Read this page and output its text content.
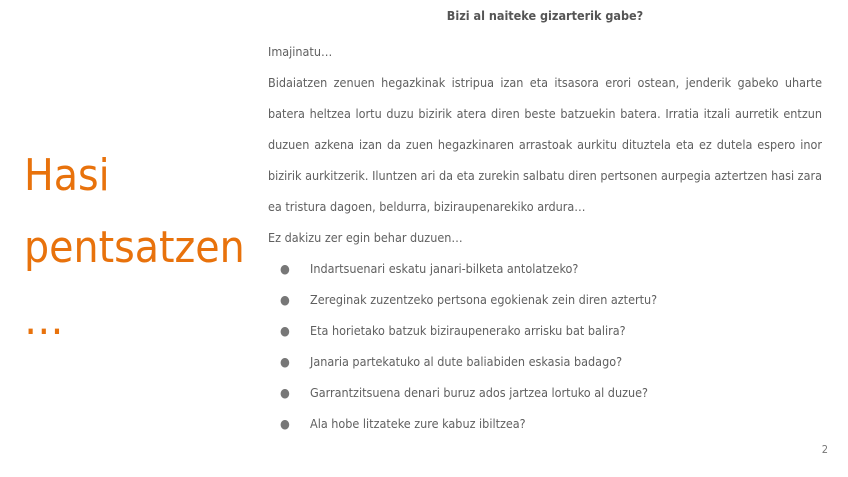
Hasi pentsatzen …

Bizi al naiteke gizarterik gabe?

Imajinatu…

Bidaiatzen zenuen hegazkinak istripua izan eta itsasora erori ostean, jenderik gabeko uharte batera heltzea lortu duzu bizirik atera diren beste batzuekin batera. Irratia itzali aurretik entzun duzuen azkena izan da zuen hegazkinaren arrastoak aurkitu dituztela eta ez dutela espero inor bizirik aurkitzerik. Iluntzen ari da eta zurekin salbatu diren pertsonen aurpegia aztertzen hasi zara ea tristura dagoen, beldurra, biziraupenarekiko ardura…

Ez dakizu zer egin behar duzuen…

● Indartsuenari eskatu janari-bilketa antolatzeko?
● Zereginak zuzentzeko pertsona egokienak zein diren aztertu?
● Eta horietako batzuk biziraupenerako arrisku bat balira?
● Janaria partekatuko al dute baliabiden eskasia badago?
● Garrantzitsuena denari buruz ados jartzea lortuko al duzue?
● Ala hobe litzateke zure kabuz ibiltzea?
2
